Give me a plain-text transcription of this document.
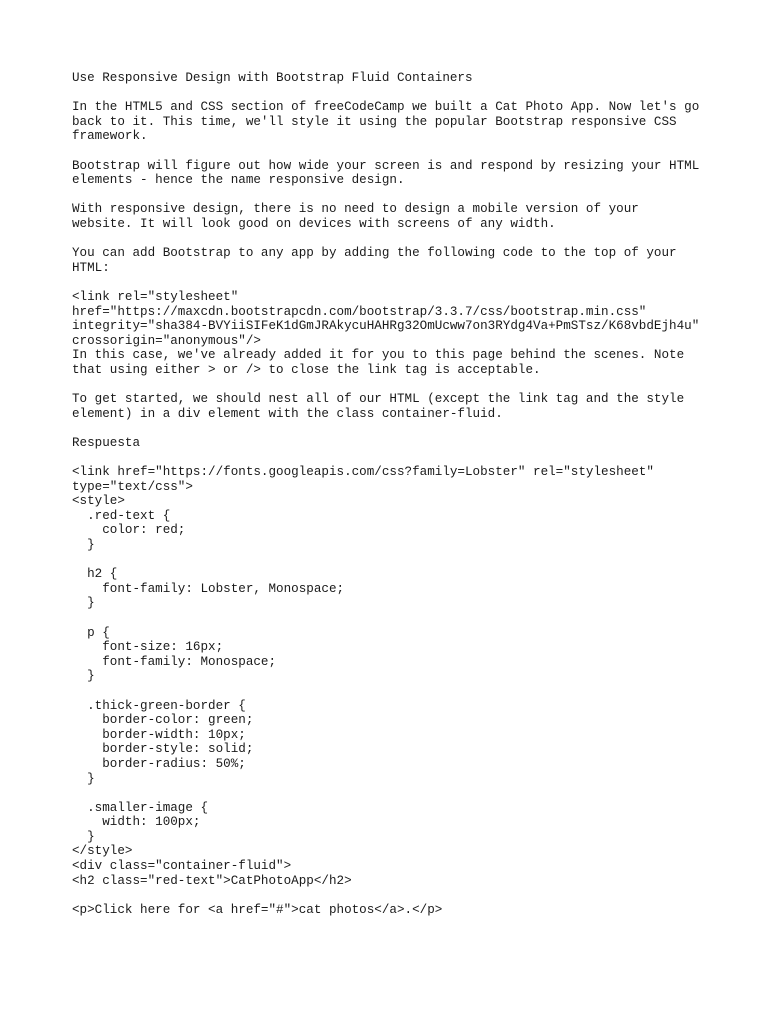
Use Responsive Design with Bootstrap Fluid Containers
In the HTML5 and CSS section of freeCodeCamp we built a Cat Photo App. Now let's go
back to it. This time, we'll style it using the popular Bootstrap responsive CSS
framework.
Bootstrap will figure out how wide your screen is and respond by resizing your HTML
elements - hence the name responsive design.
With responsive design, there is no need to design a mobile version of your
website. It will look good on devices with screens of any width.
You can add Bootstrap to any app by adding the following code to the top of your
HTML:
<link rel="stylesheet"
href="https://maxcdn.bootstrapcdn.com/bootstrap/3.3.7/css/bootstrap.min.css"
integrity="sha384-BVYiiSIFeK1dGmJRAkycuHAHRg32OmUcww7on3RYdg4Va+PmSTsz/K68vbdEjh4u"
crossorigin="anonymous"/>
In this case, we've already added it for you to this page behind the scenes. Note
that using either > or /> to close the link tag is acceptable.
To get started, we should nest all of our HTML (except the link tag and the style
element) in a div element with the class container-fluid.
Respuesta
<link href="https://fonts.googleapis.com/css?family=Lobster" rel="stylesheet"
type="text/css">
<style>
.red-text {
color: red;
}
h2 {
font-family: Lobster, Monospace;
}
p {
font-size: 16px;
font-family: Monospace;
}
.thick-green-border {
border-color: green;
border-width: 10px;
border-style: solid;
border-radius: 50%;
}
.smaller-image {
width: 100px;
}
</style>
<div class="container-fluid">
<h2 class="red-text">CatPhotoApp</h2>
<p>Click here for <a href="#">cat photos</a>.</p>
